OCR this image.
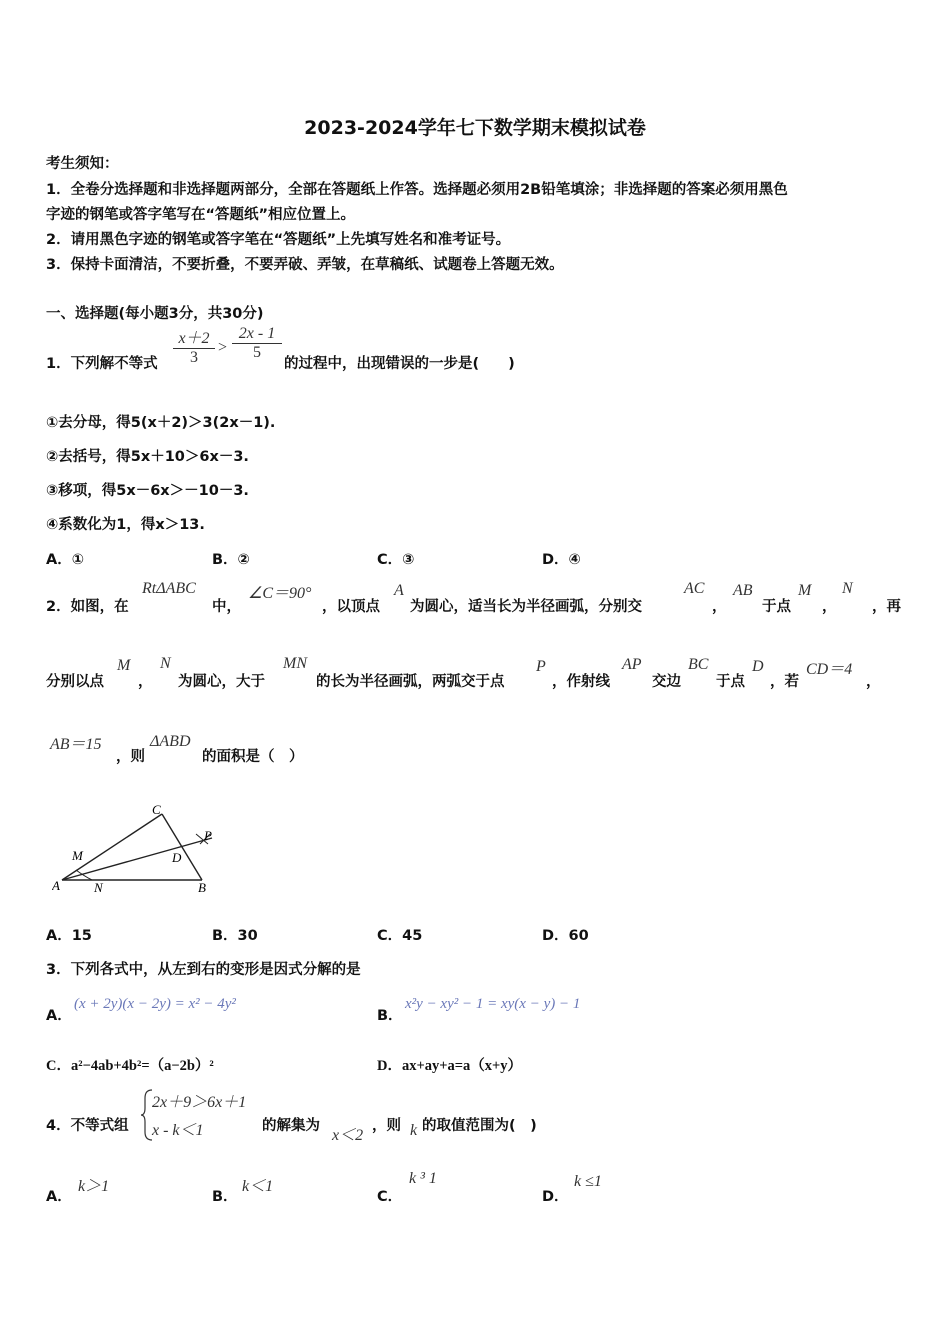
2023-2024学年七下数学期末模拟试卷
考生须知：
1．全卷分选择题和非选择题两部分，全部在答题纸上作答。选择题必须用2B铅笔填涂；非选择题的答案必须用黑色
字迹的钢笔或答字笔写在“答题纸”相应位置上。
2．请用黑色字迹的钢笔或答字笔在“答题纸”上先填写姓名和准考证号。
3．保持卡面清洁，不要折叠，不要弄破、弄皱，在草稿纸、试题卷上答题无效。
一、选择题(每小题3分，共30分)
1．下列解不等式
x＋2
3
>
2x - 1
5
的过程中，出现错误的一步是(　　)
①去分母，得5(x＋2)＞3(2x－1).
②去括号，得5x＋10＞6x－3.
③移项，得5x－6x＞－10－3.
④系数化为1，得x＞13.
A．①	B．②	C．③	D．④
2．如图，在
RtΔABC
中，
∠C＝90°
，以顶点
A
为圆心，适当长为半径画弧，分别交
AC
，
AB
于点
M
，
N
，再
分别以点
M
，
N
为圆心，大于
MN
的长为半径画弧，两弧交于点
P
，作射线
AP
交边
BC
于点
D
，若
CD＝4
，
AB＝15
，则
ΔABD
的面积是（　）
C
A	B
D
M
N
P
A．15	B．30	C．45	D．60
3．下列各式中，从左到右的变形是因式分解的是
A．
(x + 2y)(x − 2y) = x² − 4y²
B．
x²y − xy² − 1 = xy(x − y) − 1
C．a²−4ab+4b²=（a−2b）²	D．ax+ay+a=a（x+y）
4．不等式组
2x＋9＞6x＋1
x - k＜1	的解集为
x＜2
，则 k 的取值范围为(　)
A．
k＞1
B．
k＜1
C．
k ³ 1
D．
k ≤1
